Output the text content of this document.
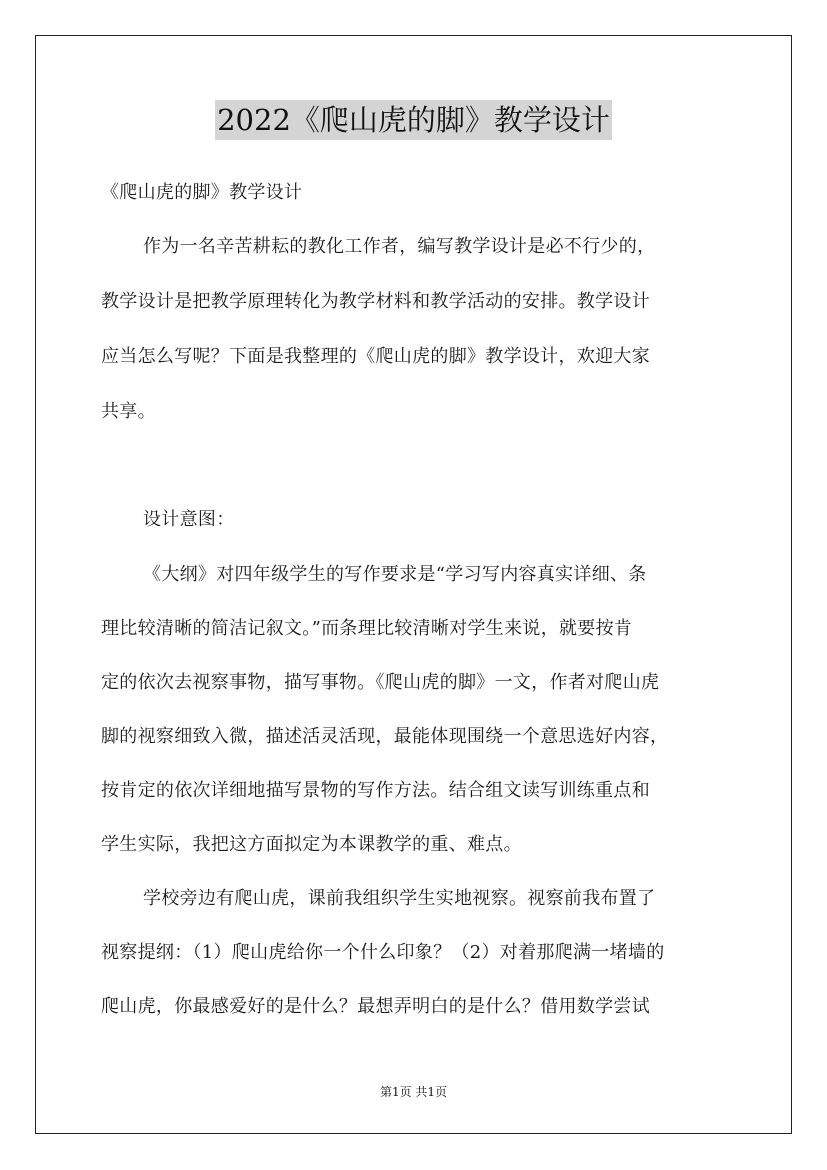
2022《爬山虎的脚》教学设计
《爬山虎的脚》教学设计
作为一名辛苦耕耘的教化工作者，编写教学设计是必不行少的，
教学设计是把教学原理转化为教学材料和教学活动的安排。教学设计
应当怎么写呢？下面是我整理的《爬山虎的脚》教学设计，欢迎大家
共享。
设计意图：
《大纲》对四年级学生的写作要求是“学习写内容真实详细、条
理比较清晰的简洁记叙文。”而条理比较清晰对学生来说，就要按肯
定的依次去视察事物，描写事物。《爬山虎的脚》一文，作者对爬山虎
脚的视察细致入微，描述活灵活现，最能体现围绕一个意思选好内容，
按肯定的依次详细地描写景物的写作方法。结合组文读写训练重点和
学生实际，我把这方面拟定为本课教学的重、难点。
学校旁边有爬山虎，课前我组织学生实地视察。视察前我布置了
视察提纲：（1）爬山虎给你一个什么印象？（2）对着那爬满一堵墙的
爬山虎，你最感爱好的是什么？最想弄明白的是什么？借用数学尝试
第1页 共1页
